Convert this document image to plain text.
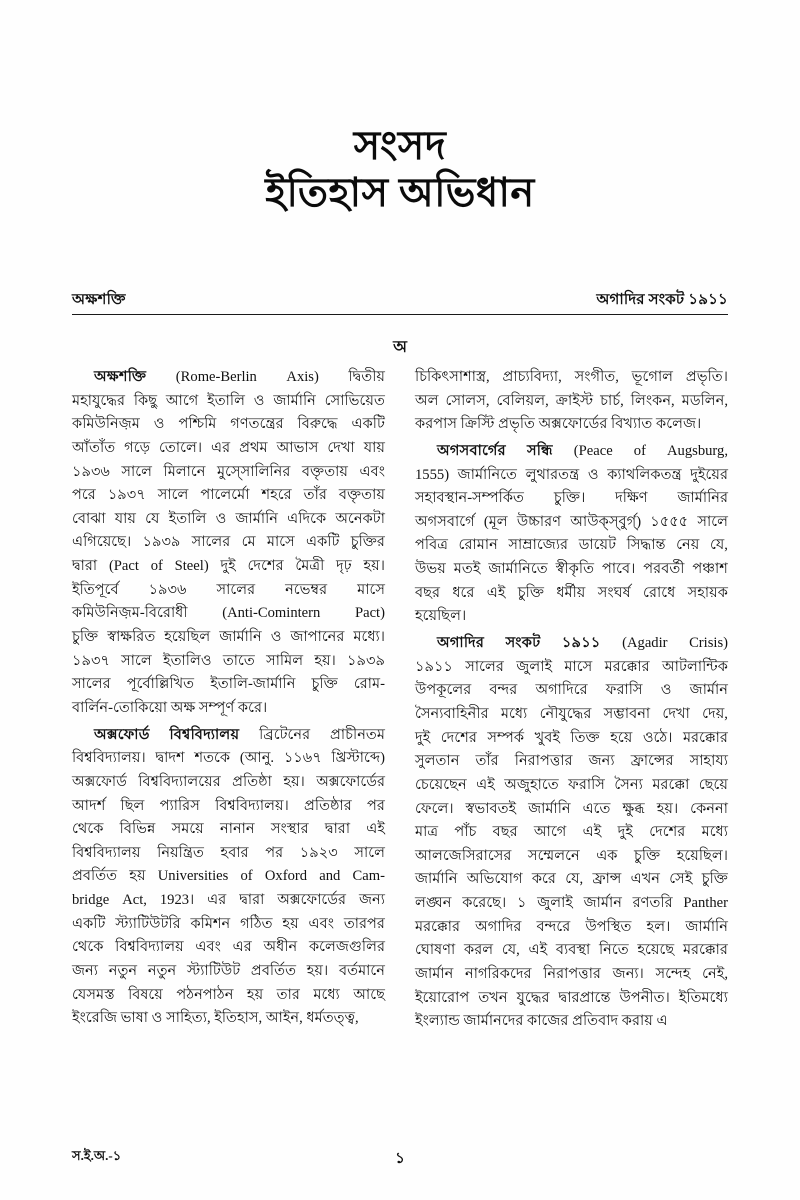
সংসদ
ইতিহাস অভিধান
অক্ষশক্তি	অগাদির সংকট ১৯১১
অ
অক্ষশক্তি (Rome-Berlin Axis) দ্বিতীয়
মহাযুদ্ধের কিছু আগে ইতালি ও জার্মানি সোভিয়েত
কমিউনিজ়ম ও পশ্চিমি গণতন্ত্রের বিরুদ্ধে একটি
আঁতাঁত গড়ে তোলে। এর প্রথম আভাস দেখা যায়
১৯৩৬ সালে মিলানে মুস্সোলিনির বক্তৃতায় এবং
পরে ১৯৩৭ সালে পালের্মো শহরে তাঁর বক্তৃতায়
বোঝা যায় যে ইতালি ও জার্মানি এদিকে অনেকটা
এগিয়েছে। ১৯৩৯ সালের মে মাসে একটি চুক্তির
দ্বারা (Pact of Steel) দুই দেশের মৈত্রী দৃঢ় হয়।
ইতিপূর্বে ১৯৩৬ সালের নভেম্বর মাসে
কমিউনিজ়ম-বিরোধী (Anti-Comintern Pact)
চুক্তি স্বাক্ষরিত হয়েছিল জার্মানি ও জাপানের মধ্যে।
১৯৩৭ সালে ইতালিও তাতে সামিল হয়। ১৯৩৯
সালের পূর্বোল্লিখিত ইতালি-জার্মানি চুক্তি রোম-
বার্লিন-তোকিয়ো অক্ষ সম্পূর্ণ করে।
অক্সফোর্ড বিশ্ববিদ্যালয় ব্রিটেনের প্রাচীনতম
বিশ্ববিদ্যালয়। দ্বাদশ শতকে (আনু. ১১৬৭ খ্রিস্টাব্দে)
অক্সফোর্ড বিশ্ববিদ্যালয়ের প্রতিষ্ঠা হয়। অক্সফোর্ডের
আদর্শ ছিল প্যারিস বিশ্ববিদ্যালয়। প্রতিষ্ঠার পর
থেকে বিভিন্ন সময়ে নানান সংস্থার দ্বারা এই
বিশ্ববিদ্যালয় নিয়ন্ত্রিত হবার পর ১৯২৩ সালে
প্রবর্তিত হয় Universities of Oxford and Cam-
bridge Act, 1923। এর দ্বারা অক্সফোর্ডের জন্য
একটি স্ট্যাটিউটরি কমিশন গঠিত হয় এবং তারপর
থেকে বিশ্ববিদ্যালয় এবং এর অধীন কলেজগুলির
জন্য নতুন নতুন স্ট্যাটিউট প্রবর্তিত হয়। বর্তমানে
যেসমস্ত বিষয়ে পঠনপাঠন হয় তার মধ্যে আছে
ইংরেজি ভাষা ও সাহিত্য, ইতিহাস, আইন, ধর্মতত্ত্ব,
চিকিৎসাশাস্ত্র, প্রাচ্যবিদ্যা, সংগীত, ভূগোল প্রভৃতি।
অল সোলস, বেলিয়ল, ক্রাইস্ট চার্চ, লিংকন, মডলিন,
করপাস ক্রিস্টি প্রভৃতি অক্সফোর্ডের বিখ্যাত কলেজ।
অগসবার্গের সন্ধি (Peace of Augsburg,
1555) জার্মানিতে লুথারতন্ত্র ও ক্যাথলিকতন্ত্র দুইয়ের
সহাবস্থান-সম্পর্কিত চুক্তি। দক্ষিণ জার্মানির
অগসবার্গে (মূল উচ্চারণ আউক্স্‌বুর্গ্‌) ১৫৫৫ সালে
পবিত্র রোমান সাম্রাজ্যের ডায়েট সিদ্ধান্ত নেয় যে,
উভয় মতই জার্মানিতে স্বীকৃতি পাবে। পরবর্তী পঞ্চাশ
বছর ধরে এই চুক্তি ধর্মীয় সংঘর্ষ রোধে সহায়ক
হয়েছিল।
অগাদির সংকট ১৯১১ (Agadir Crisis)
১৯১১ সালের জুলাই মাসে মরক্কোর আটলান্টিক
উপকূলের বন্দর অগাদিরে ফরাসি ও জার্মান
সৈন্যবাহিনীর মধ্যে নৌযুদ্ধের সম্ভাবনা দেখা দেয়,
দুই দেশের সম্পর্ক খুবই তিক্ত হয়ে ওঠে। মরক্কোর
সুলতান তাঁর নিরাপত্তার জন্য ফ্রান্সের সাহায্য
চেয়েছেন এই অজুহাতে ফরাসি সৈন্য মরক্কো ছেয়ে
ফেলে। স্বভাবতই জার্মানি এতে ক্ষুব্ধ হয়। কেননা
মাত্র পাঁচ বছর আগে এই দুই দেশের মধ্যে
আলজেসিরাসের সম্মেলনে এক চুক্তি হয়েছিল।
জার্মানি অভিযোগ করে যে, ফ্রান্স এখন সেই চুক্তি
লঙ্ঘন করেছে। ১ জুলাই জার্মান রণতরি Panther
মরক্কোর অগাদির বন্দরে উপস্থিত হল। জার্মানি
ঘোষণা করল যে, এই ব্যবস্থা নিতে হয়েছে মরক্কোর
জার্মান নাগরিকদের নিরাপত্তার জন্য। সন্দেহ নেই,
ইয়োরোপ তখন যুদ্ধের দ্বারপ্রান্তে উপনীত। ইতিমধ্যে
ইংল্যান্ড জার্মানদের কাজের প্রতিবাদ করায় এ
স.ই.অ.-১	১
